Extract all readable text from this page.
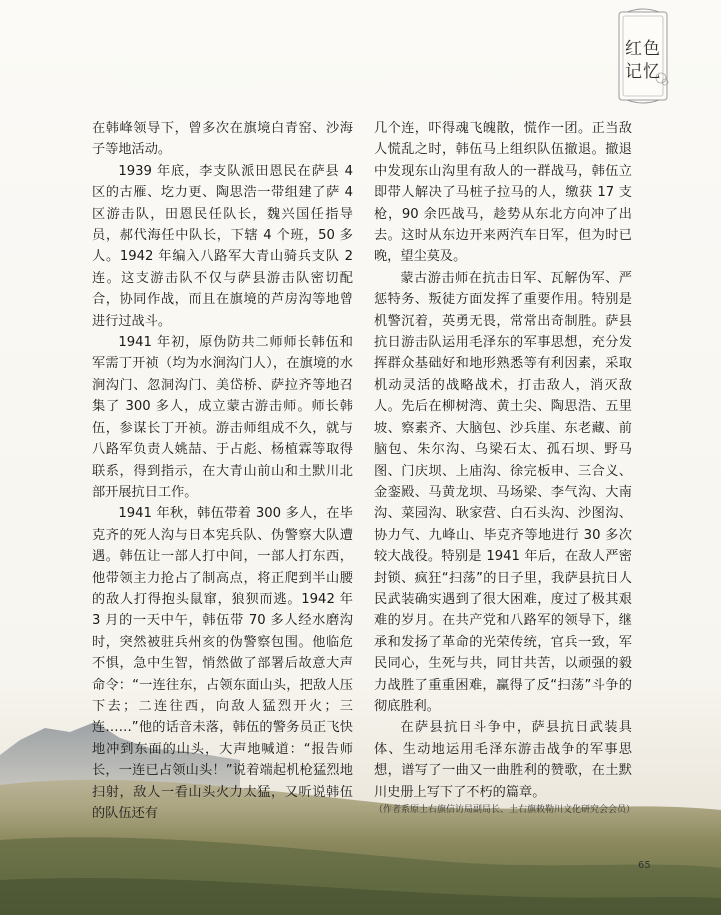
红色
记忆

在韩峰领导下，曾多次在旗境白青窑、沙海子等地活动。

1939 年底，李支队派田恩民在萨县 4 区的古雁、圪力更、陶思浩一带组建了萨 4 区游击队，田恩民任队长，魏兴国任指导员，郝代海任中队长，下辖 4 个班，50 多人。1942 年编入八路军大青山骑兵支队 2 连。这支游击队不仅与萨县游击队密切配合，协同作战，而且在旗境的芦房沟等地曾进行过战斗。

1941 年初，原伪防共二师师长韩伍和军需丁开祯（均为水涧沟门人），在旗境的水涧沟门、忽洞沟门、美岱桥、萨拉齐等地召集了 300 多人，成立蒙古游击师。师长韩伍，参谋长丁开祯。游击师组成不久，就与八路军负责人姚喆、于占彪、杨植霖等取得联系，得到指示，在大青山前山和土默川北部开展抗日工作。

1941 年秋，韩伍带着 300 多人，在毕克齐的死人沟与日本宪兵队、伪警察大队遭遇。韩伍让一部人打中间，一部人打东西，他带领主力抢占了制高点，将正爬到半山腰的敌人打得抱头鼠窜，狼狈而逃。1942 年 3 月的一天中午，韩伍带 70 多人经水磨沟时，突然被驻兵州亥的伪警察包围。他临危不惧，急中生智，悄然做了部署后故意大声命令：“一连往东，占领东面山头，把敌人压下去；二连往西，向敌人猛烈开火；三连……”他的话音未落，韩伍的警务员正飞快地冲到东面的山头，大声地喊道：“报告师长，一连已占领山头！”说着端起机枪猛烈地扫射，敌人一看山头火力太猛，又听说韩伍的队伍还有

几个连，吓得魂飞魄散，慌作一团。正当敌人慌乱之时，韩伍马上组织队伍撤退。撤退中发现东山沟里有敌人的一群战马，韩伍立即带人解决了马桩子拉马的人，缴获 17 支枪，90 余匹战马，趁势从东北方向冲了出去。这时从东边开来两汽车日军，但为时已晚，望尘莫及。

蒙古游击师在抗击日军、瓦解伪军、严惩特务、叛徒方面发挥了重要作用。特别是机警沉着，英勇无畏，常常出奇制胜。萨县抗日游击队运用毛泽东的军事思想，充分发挥群众基础好和地形熟悉等有利因素，采取机动灵活的战略战术，打击敌人，消灭敌人。先后在柳树湾、黄土尖、陶思浩、五里坡、察素齐、大脑包、沙兵崖、东老藏、前脑包、朱尔沟、乌梁石太、孤石坝、野马图、门庆坝、上庙沟、徐完板申、三合义、金銮殿、马黄龙坝、马场梁、李气沟、大南沟、菜园沟、耿家营、白石头沟、沙图沟、协力气、九峰山、毕克齐等地进行 30 多次较大战役。特别是 1941 年后，在敌人严密封锁、疯狂“扫荡”的日子里，我萨县抗日人民武装确实遇到了很大困难，度过了极其艰难的岁月。在共产党和八路军的领导下，继承和发扬了革命的光荣传统，官兵一致，军民同心，生死与共，同甘共苦，以顽强的毅力战胜了重重困难，赢得了反“扫荡”斗争的彻底胜利。

在萨县抗日斗争中，萨县抗日武装具体、生动地运用毛泽东游击战争的军事思想，谱写了一曲又一曲胜利的赞歌，在土默川史册上写下了不朽的篇章。

（作者系原土右旗信访局副局长、土右旗敕勒川文化研究会会员）
65
